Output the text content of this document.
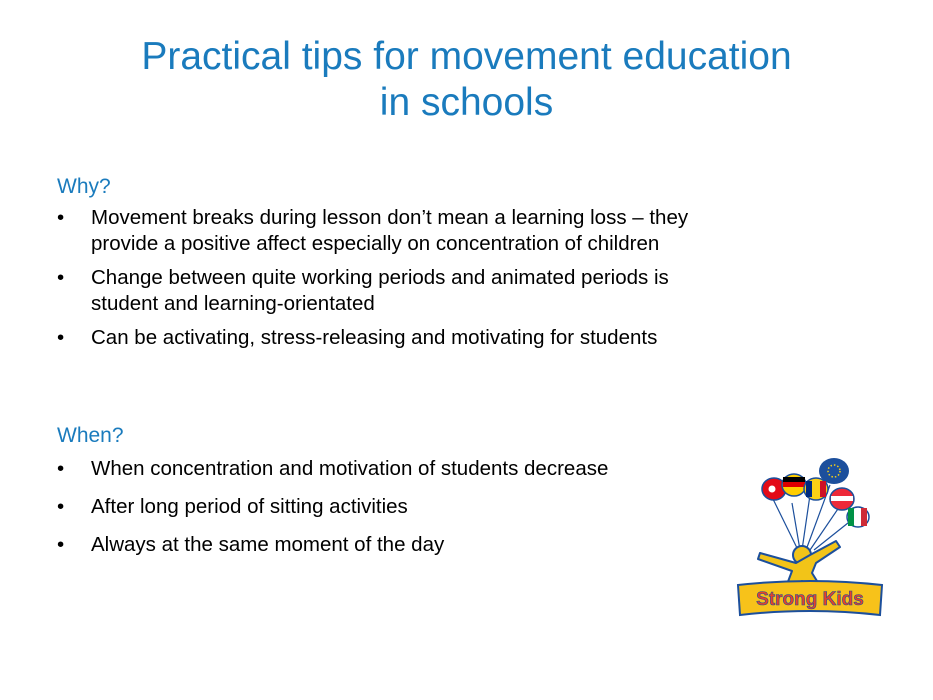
Practical tips for movement education
in schools

Why?

• Movement breaks during lesson don’t mean a learning loss – they
provide a positive affect especially on concentration of children
• Change between quite working periods and animated periods is
student and learning-orientated
• Can be activating, stress-releasing and motivating for students

When?

• When concentration and motivation of students decrease
• After long period of sitting activities
• Always at the same moment of the day
Strong Kids
